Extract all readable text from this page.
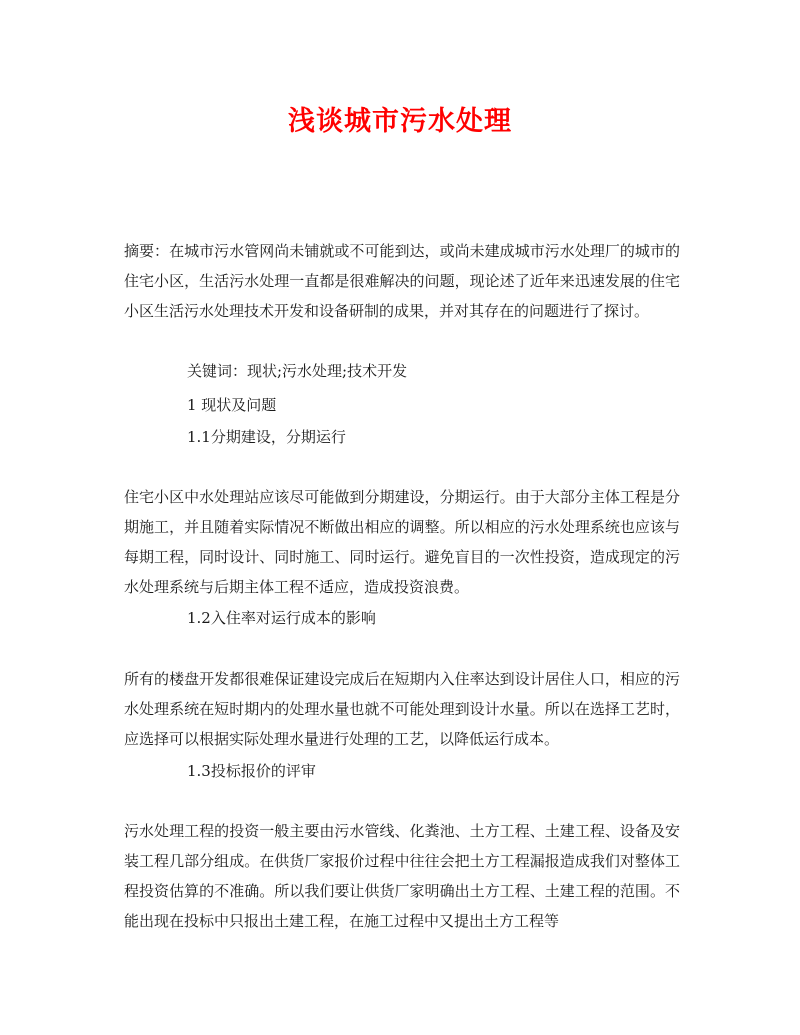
浅谈城市污水处理

摘要：在城市污水管网尚未铺就或不可能到达，或尚未建成城市污水处理厂的城市的住宅小区，生活污水处理一直都是很难解决的问题，现论述了近年来迅速发展的住宅小区生活污水处理技术开发和设备研制的成果，并对其存在的问题进行了探讨。

关键词：现状;污水处理;技术开发

1 现状及问题

1.1分期建设，分期运行

住宅小区中水处理站应该尽可能做到分期建设，分期运行。由于大部分主体工程是分期施工，并且随着实际情况不断做出相应的调整。所以相应的污水处理系统也应该与每期工程，同时设计、同时施工、同时运行。避免盲目的一次性投资，造成现定的污水处理系统与后期主体工程不适应，造成投资浪费。

1.2入住率对运行成本的影响

所有的楼盘开发都很难保证建设完成后在短期内入住率达到设计居住人口，相应的污水处理系统在短时期内的处理水量也就不可能处理到设计水量。所以在选择工艺时，应选择可以根据实际处理水量进行处理的工艺，以降低运行成本。

1.3投标报价的评审

污水处理工程的投资一般主要由污水管线、化粪池、土方工程、土建工程、设备及安装工程几部分组成。在供货厂家报价过程中往往会把土方工程漏报造成我们对整体工程投资估算的不准确。所以我们要让供货厂家明确出土方工程、土建工程的范围。不能出现在投标中只报出土建工程，在施工过程中又提出土方工程等
